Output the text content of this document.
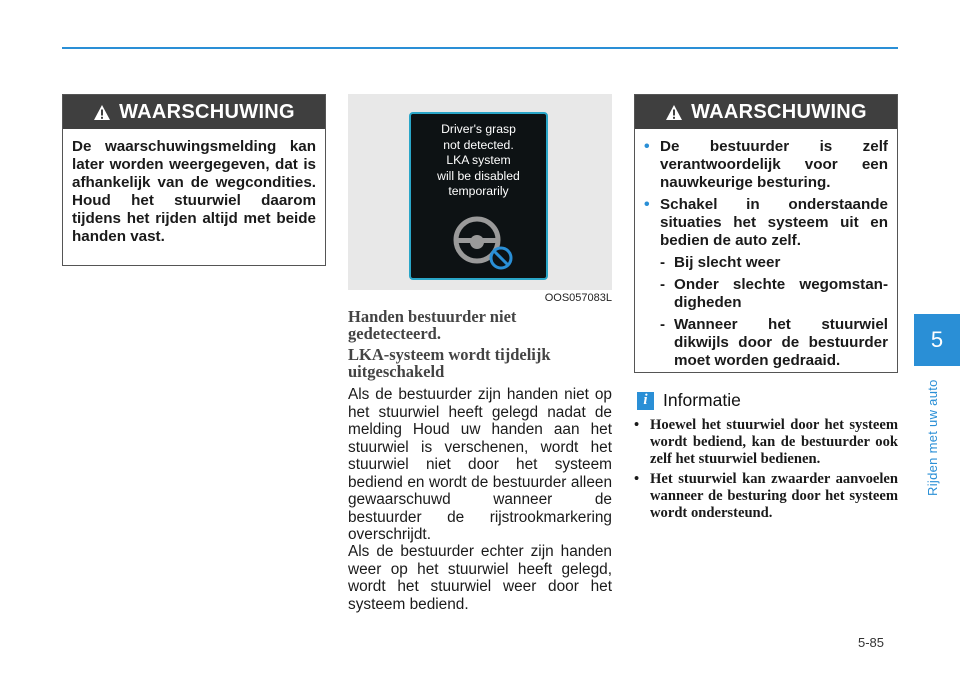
WAARSCHUWING
De waarschuwingsmelding kan later worden weergegeven, dat is afhankelijk van de wegcondities. Houd het stuurwiel daarom tijdens het rijden altijd met beide handen vast.
Driver's grasp
not detected.
LKA system
will be disabled
temporarily
OOS057083L
Handen bestuurder niet gedetecteerd.
LKA-systeem wordt tijdelijk uitgeschakeld
Als de bestuurder zijn handen niet op het stuurwiel heeft gelegd nadat de melding Houd uw handen aan het stuurwiel is verschenen, wordt het stuurwiel niet door het systeem bediend en wordt de bestuurder alleen gewaarschuwd wanneer de bestuurder de rijstrookmarkering overschrijdt.
Als de bestuurder echter zijn handen weer op het stuurwiel heeft gelegd, wordt het stuurwiel weer door het systeem bediend.
WAARSCHUWING
• De bestuurder is zelf verantwoordelijk voor een nauwkeurige besturing.
• Schakel in onderstaande situaties het systeem uit en bedien de auto zelf.
- Bij slecht weer
- Onder slechte wegomstan-digheden
- Wanneer het stuurwiel dikwijls door de bestuurder moet worden gedraaid.
i Informatie
• Hoewel het stuurwiel door het systeem wordt bediend, kan de bestuurder ook zelf het stuurwiel bedienen.
• Het stuurwiel kan zwaarder aanvoelen wanneer de besturing door het systeem wordt ondersteund.
5
Rijden met uw auto
5-85
